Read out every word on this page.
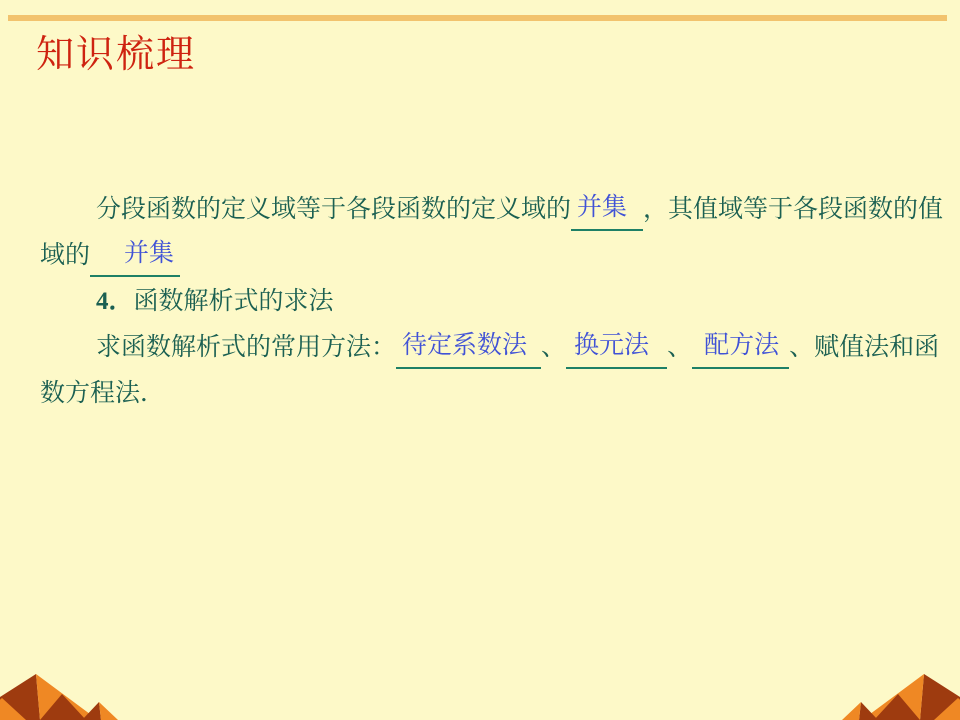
知识梳理
分段函数的定义域等于各段函数的定义域的 并集 ，其值域等于各段函数的值
域的 并集
4．函数解析式的求法
求函数解析式的常用方法： 待定系数法 、 换元法 、 配方法 、赋值法和函
数方程法．
